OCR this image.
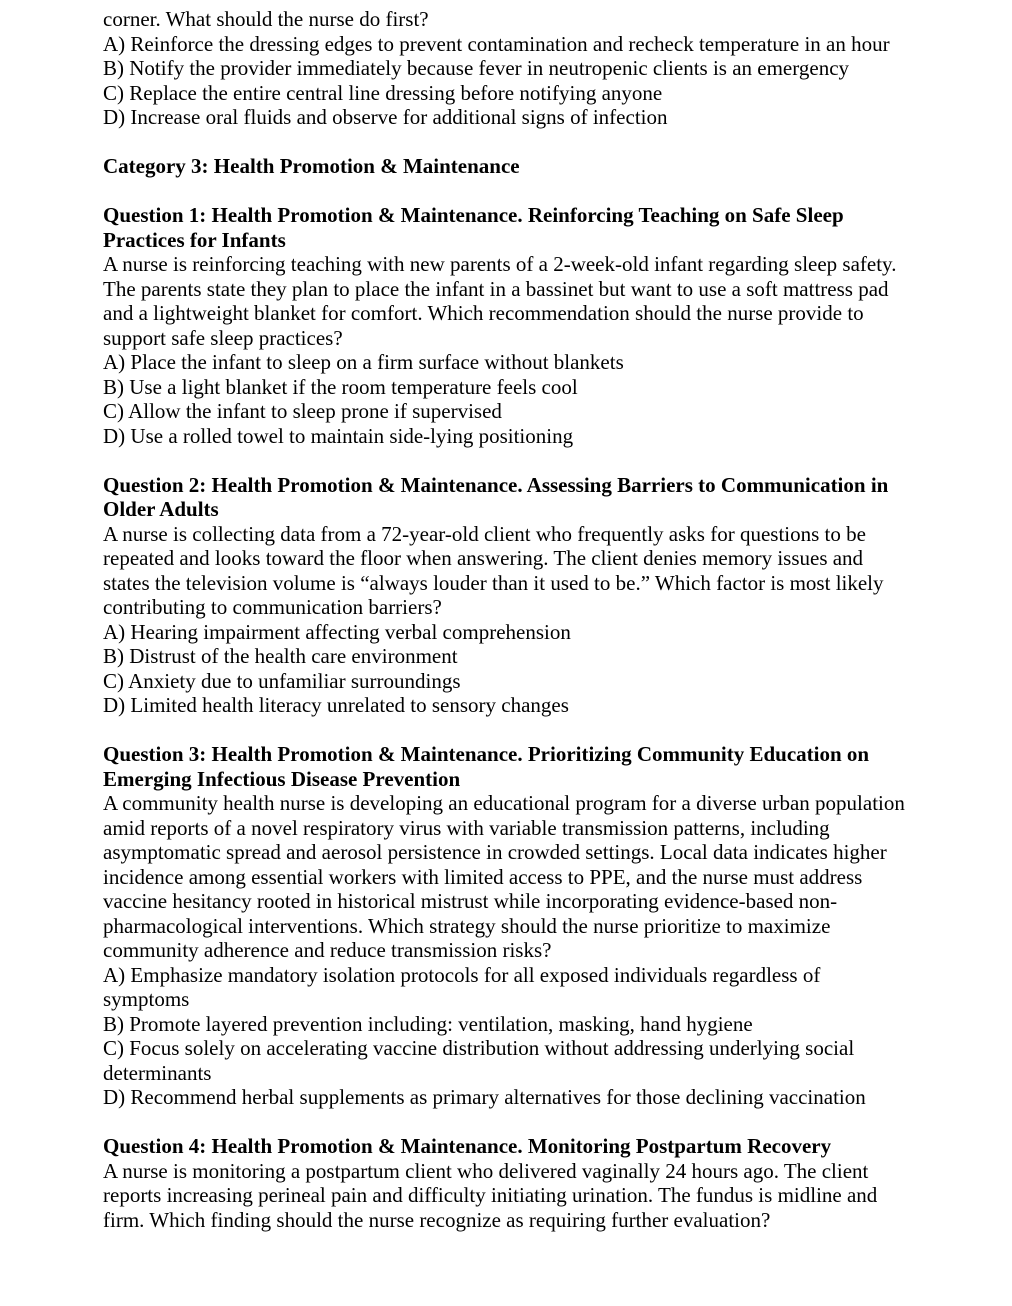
corner. What should the nurse do first?
A) Reinforce the dressing edges to prevent contamination and recheck temperature in an hour
B) Notify the provider immediately because fever in neutropenic clients is an emergency
C) Replace the entire central line dressing before notifying anyone
D) Increase oral fluids and observe for additional signs of infection
Category 3: Health Promotion & Maintenance
Question 1: Health Promotion & Maintenance. Reinforcing Teaching on Safe Sleep Practices for Infants
A nurse is reinforcing teaching with new parents of a 2-week-old infant regarding sleep safety. The parents state they plan to place the infant in a bassinet but want to use a soft mattress pad and a lightweight blanket for comfort. Which recommendation should the nurse provide to support safe sleep practices?
A) Place the infant to sleep on a firm surface without blankets
B) Use a light blanket if the room temperature feels cool
C) Allow the infant to sleep prone if supervised
D) Use a rolled towel to maintain side-lying positioning
Question 2: Health Promotion & Maintenance. Assessing Barriers to Communication in Older Adults
A nurse is collecting data from a 72-year-old client who frequently asks for questions to be repeated and looks toward the floor when answering. The client denies memory issues and states the television volume is “always louder than it used to be.” Which factor is most likely contributing to communication barriers?
A) Hearing impairment affecting verbal comprehension
B) Distrust of the health care environment
C) Anxiety due to unfamiliar surroundings
D) Limited health literacy unrelated to sensory changes
Question 3: Health Promotion & Maintenance. Prioritizing Community Education on Emerging Infectious Disease Prevention
A community health nurse is developing an educational program for a diverse urban population amid reports of a novel respiratory virus with variable transmission patterns, including asymptomatic spread and aerosol persistence in crowded settings. Local data indicates higher incidence among essential workers with limited access to PPE, and the nurse must address vaccine hesitancy rooted in historical mistrust while incorporating evidence-based non-pharmacological interventions. Which strategy should the nurse prioritize to maximize community adherence and reduce transmission risks?
A) Emphasize mandatory isolation protocols for all exposed individuals regardless of symptoms
B) Promote layered prevention including: ventilation, masking, hand hygiene
C) Focus solely on accelerating vaccine distribution without addressing underlying social determinants
D) Recommend herbal supplements as primary alternatives for those declining vaccination
Question 4: Health Promotion & Maintenance. Monitoring Postpartum Recovery
A nurse is monitoring a postpartum client who delivered vaginally 24 hours ago. The client reports increasing perineal pain and difficulty initiating urination. The fundus is midline and firm. Which finding should the nurse recognize as requiring further evaluation?
